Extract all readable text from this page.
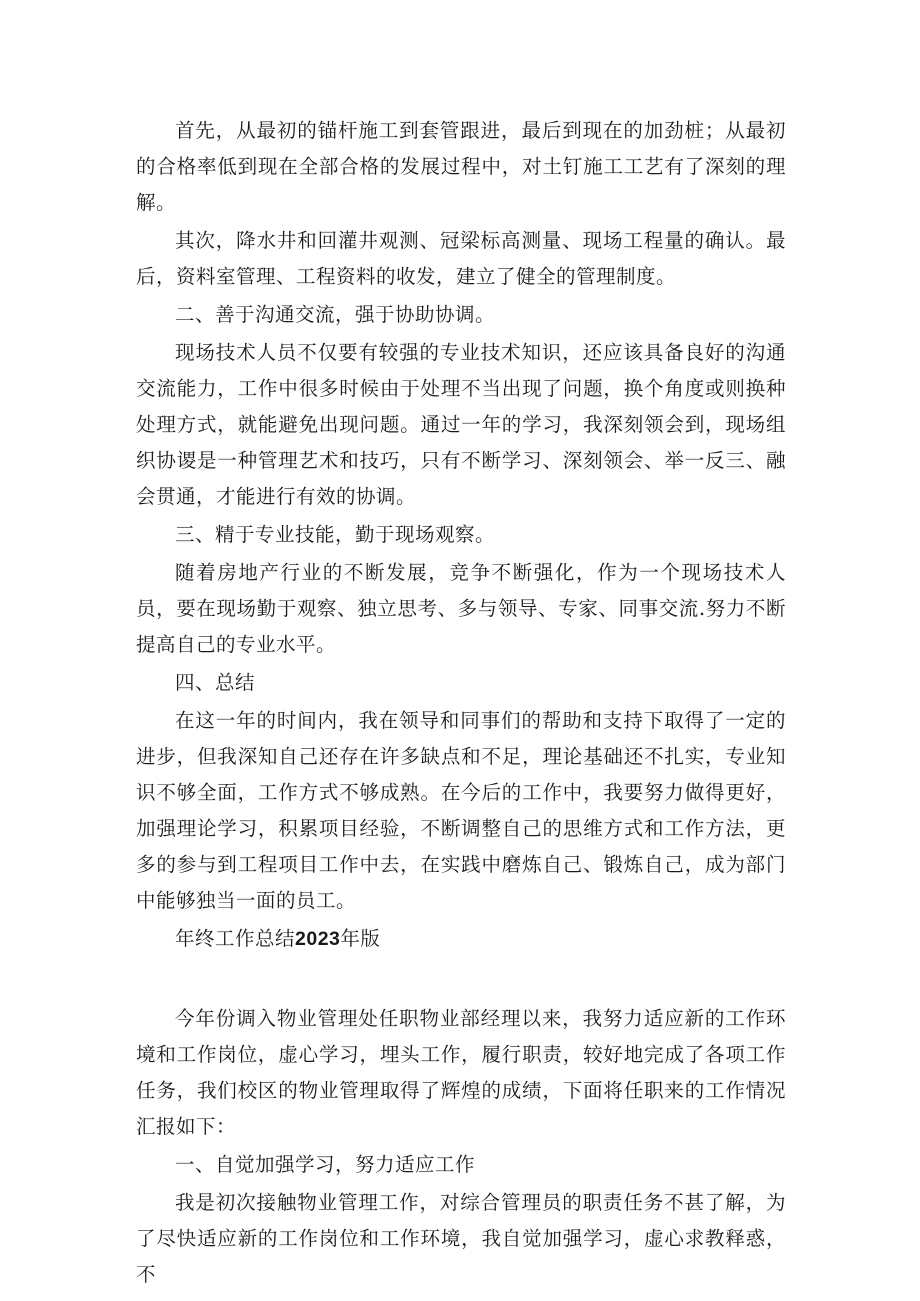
首先，从最初的锚杆施工到套管跟进，最后到现在的加劲桩；从最初的合格率低到现在全部合格的发展过程中，对土钉施工工艺有了深刻的理解。

其次，降水井和回灌井观测、冠梁标高测量、现场工程量的确认。最后，资料室管理、工程资料的收发，建立了健全的管理制度。

二、善于沟通交流，强于协助协调。

现场技术人员不仅要有较强的专业技术知识，还应该具备良好的沟通交流能力，工作中很多时候由于处理不当出现了问题，换个角度或则换种处理方式，就能避免出现问题。通过一年的学习，我深刻领会到，现场组织协谡是一种管理艺术和技巧，只有不断学习、深刻领会、举一反三、融会贯通，才能进行有效的协调。

三、精于专业技能，勤于现场观察。

随着房地产行业的不断发展，竞争不断强化，作为一个现场技术人员，要在现场勤于观察、独立思考、多与领导、专家、同事交流.努力不断提高自己的专业水平。

四、总结

在这一年的时间内，我在领导和同事们的帮助和支持下取得了一定的进步，但我深知自己还存在许多缺点和不足，理论基础还不扎实，专业知识不够全面，工作方式不够成熟。在今后的工作中，我要努力做得更好，加强理论学习，积累项目经验，不断调整自己的思维方式和工作方法，更多的参与到工程项目工作中去，在实践中磨炼自己、锻炼自己，成为部门中能够独当一面的员工。

年终工作总结2023年版

今年份调入物业管理处任职物业部经理以来，我努力适应新的工作环境和工作岗位，虚心学习，埋头工作，履行职责，较好地完成了各项工作任务，我们校区的物业管理取得了辉煌的成绩，下面将任职来的工作情况汇报如下：

一、自觉加强学习，努力适应工作

我是初次接触物业管理工作，对综合管理员的职责任务不甚了解，为了尽快适应新的工作岗位和工作环境，我自觉加强学习，虚心求教释惑，不
